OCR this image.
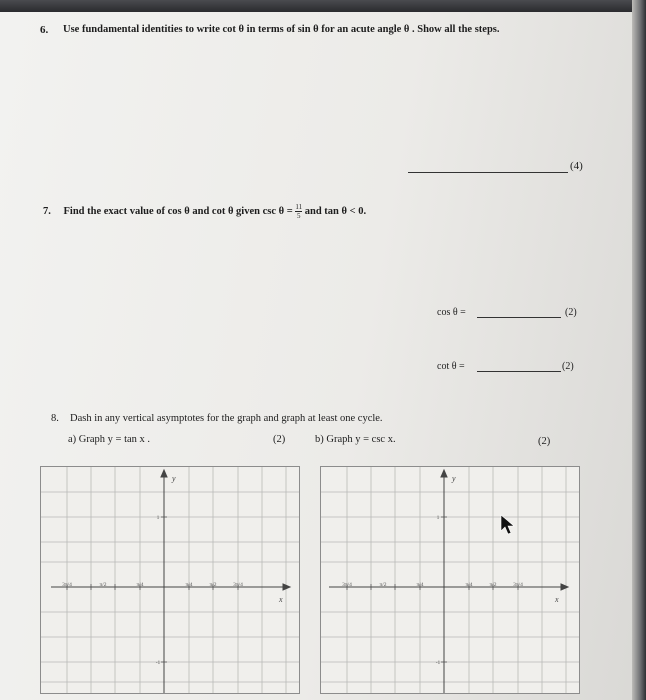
6. Use fundamental identities to write cot θ in terms of sin θ for an acute angle θ . Show all the steps.
(4)
7. Find the exact value of cos θ and cot θ given $\csc \theta = \frac{11}{5}$ and tan θ < 0.
cos θ =	(2)
cot θ =	(2)
8. Dash in any vertical asymptotes for the graph and graph at least one cycle.
a) Graph y = tan x .	(2)	b) Graph y = csc x.	(2)
y
x
3π/4	π/2	π/4	π/4	π/2	3π/4
1
-1
y
x
3π/4	π/2	π/4	π/4	π/2	3π/4
1
-1
